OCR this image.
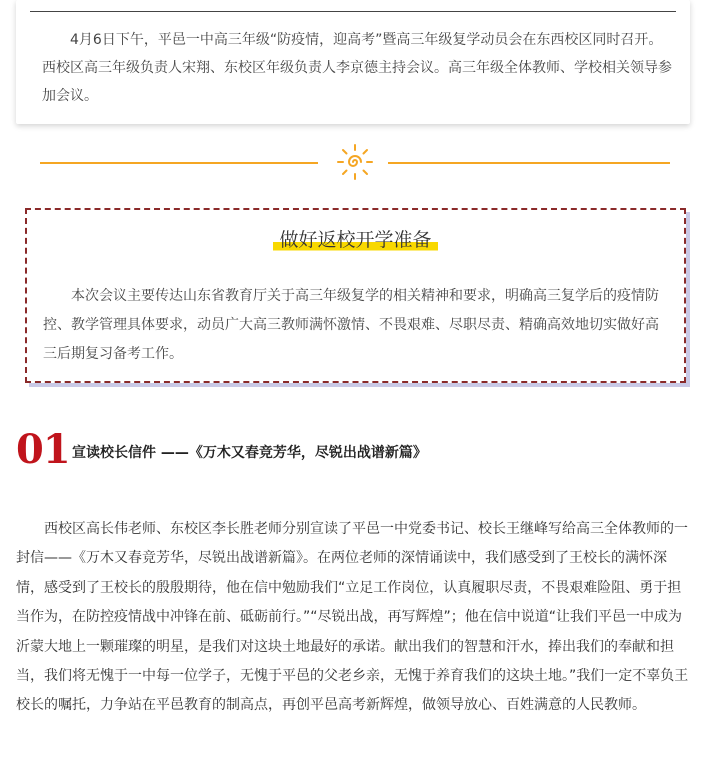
4月6日下午，平邑一中高三年级“防疫情，迎高考”暨高三年级复学动员会在东西校区同时召开。西校区高三年级负责人宋翔、东校区年级负责人李京德主持会议。高三年级全体教师、学校相关领导参加会议。

做好返校开学准备

本次会议主要传达山东省教育厅关于高三年级复学的相关精神和要求，明确高三复学后的疫情防控、教学管理具体要求，动员广大高三教师满怀激情、不畏艰难、尽职尽责、精确高效地切实做好高三后期复习备考工作。

01 宣读校长信件 ——《万木又春竞芳华，尽锐出战谱新篇》

西校区高长伟老师、东校区李长胜老师分别宣读了平邑一中党委书记、校长王继峰写给高三全体教师的一封信——《万木又春竞芳华，尽锐出战谱新篇》。在两位老师的深情诵读中，我们感受到了王校长的满怀深情，感受到了王校长的殷殷期待，他在信中勉励我们“立足工作岗位，认真履职尽责，不畏艰难险阻、勇于担当作为，在防控疫情战中冲锋在前、砥砺前行。”“尽锐出战，再写辉煌”；他在信中说道“让我们平邑一中成为沂蒙大地上一颗璀璨的明星，是我们对这块土地最好的承诺。献出我们的智慧和汗水，捧出我们的奉献和担当，我们将无愧于一中每一位学子，无愧于平邑的父老乡亲，无愧于养育我们的这块土地。”我们一定不辜负王校长的嘱托，力争站在平邑教育的制高点，再创平邑高考新辉煌，做领导放心、百姓满意的人民教师。
